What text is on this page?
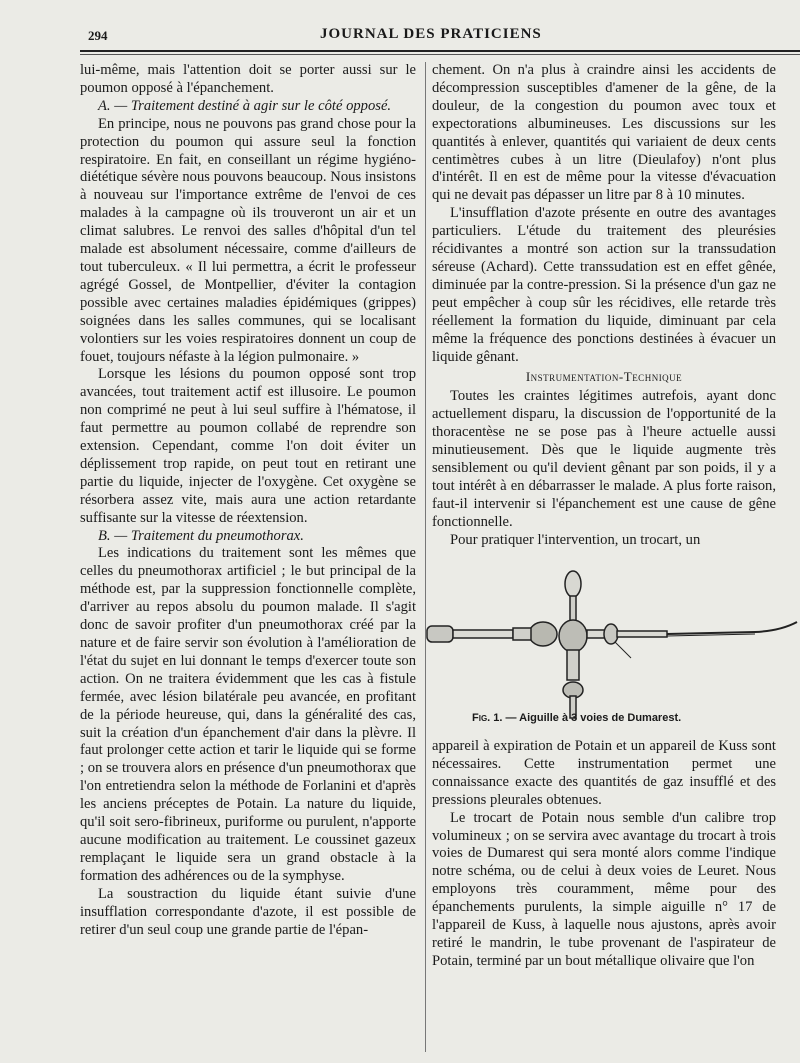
294	JOURNAL DES PRATICIENS

lui-même, mais l'attention doit se porter aussi sur le poumon opposé à l'épanchement.

A. — Traitement destiné à agir sur le côté opposé.

En principe, nous ne pouvons pas grand chose pour la protection du poumon qui assure seul la fonction respiratoire. En fait, en conseillant un régime hygiéno-diététique sévère nous pouvons beaucoup. Nous insistons à nouveau sur l'importance extrême de l'envoi de ces malades à la campagne où ils trouveront un air et un climat salubres. Le renvoi des salles d'hôpital d'un tel malade est absolument nécessaire, comme d'ailleurs de tout tuberculeux. « Il lui permettra, a écrit le professeur agrégé Gossel, de Montpellier, d'éviter la contagion possible avec certaines maladies épidémiques (grippes) soignées dans les salles communes, qui se localisant volontiers sur les voies respiratoires donnent un coup de fouet, toujours néfaste à la légion pulmonaire. »

Lorsque les lésions du poumon opposé sont trop avancées, tout traitement actif est illusoire. Le poumon non comprimé ne peut à lui seul suffire à l'hématose, il faut permettre au poumon collabé de reprendre son extension. Cependant, comme l'on doit éviter un déplissement trop rapide, on peut tout en retirant une partie du liquide, injecter de l'oxygène. Cet oxygène se résorbera assez vite, mais aura une action retardante suffisante sur la vitesse de réextension.

B. — Traitement du pneumothorax.

Les indications du traitement sont les mêmes que celles du pneumothorax artificiel ; le but principal de la méthode est, par la suppression fonctionnelle complète, d'arriver au repos absolu du poumon malade. Il s'agit donc de savoir profiter d'un pneumothorax créé par la nature et de faire servir son évolution à l'amélioration de l'état du sujet en lui donnant le temps d'exercer toute son action. On ne traitera évidemment que les cas à fistule fermée, avec lésion bilatérale peu avancée, en profitant de la période heureuse, qui, dans la généralité des cas, suit la création d'un épanchement d'air dans la plèvre. Il faut prolonger cette action et tarir le liquide qui se forme ; on se trouvera alors en présence d'un pneumothorax que l'on entretiendra selon la méthode de Forlanini et d'après les anciens préceptes de Potain. La nature du liquide, qu'il soit sero-fibrineux, puriforme ou purulent, n'apporte aucune modification au traitement. Le coussinet gazeux remplaçant le liquide sera un grand obstacle à la formation des adhérences ou de la symphyse.

La soustraction du liquide étant suivie d'une insufflation correspondante d'azote, il est possible de retirer d'un seul coup une grande partie de l'épan-

chement. On n'a plus à craindre ainsi les accidents de décompression susceptibles d'amener de la gêne, de la douleur, de la congestion du poumon avec toux et expectorations albumineuses. Les discussions sur les quantités à enlever, quantités qui variaient de deux cents centimètres cubes à un litre (Dieulafoy) n'ont plus d'intérêt. Il en est de même pour la vitesse d'évacuation qui ne devait pas dépasser un litre par 8 à 10 minutes.

L'insufflation d'azote présente en outre des avantages particuliers. L'étude du traitement des pleurésies récidivantes a montré son action sur la transsudation séreuse (Achard). Cette transsudation est en effet gênée, diminuée par la contre-pression. Si la présence d'un gaz ne peut empêcher à coup sûr les récidives, elle retarde très réellement la formation du liquide, diminuant par cela même la fréquence des ponctions destinées à évacuer un liquide gênant.

Instrumentation-Technique

Toutes les craintes légitimes autrefois, ayant donc actuellement disparu, la discussion de l'opportunité de la thoracentèse ne se pose pas à l'heure actuelle aussi minutieusement. Dès que le liquide augmente très sensiblement ou qu'il devient gênant par son poids, il y a tout intérêt à en débarrasser le malade. A plus forte raison, faut-il intervenir si l'épanchement est une cause de gêne fonctionnelle.

Pour pratiquer l'intervention, un trocart, un

Fig. 1. — Aiguille à 3 voies de Dumarest.

appareil à expiration de Potain et un appareil de Kuss sont nécessaires. Cette instrumentation permet une connaissance exacte des quantités de gaz insufflé et des pressions pleurales obtenues.

Le trocart de Potain nous semble d'un calibre trop volumineux ; on se servira avec avantage du trocart à trois voies de Dumarest qui sera monté alors comme l'indique notre schéma, ou de celui à deux voies de Leuret. Nous employons très couramment, même pour des épanchements purulents, la simple aiguille n° 17 de l'appareil de Kuss, à laquelle nous ajustons, après avoir retiré le mandrin, le tube provenant de l'aspirateur de Potain, terminé par un bout métallique olivaire que l'on
